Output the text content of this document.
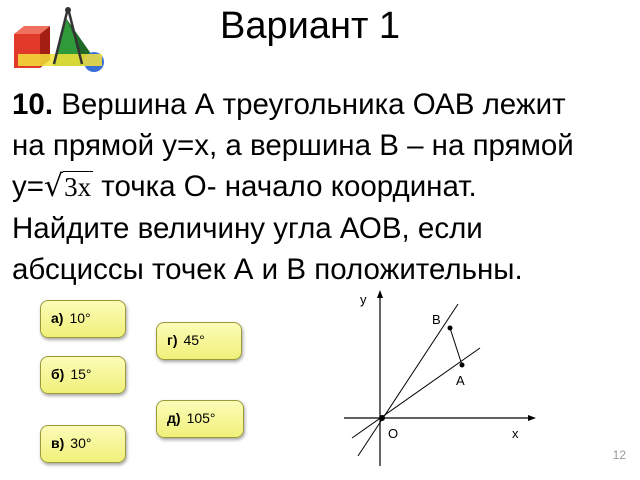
Вариант 1
10. Вершина А треугольника ОАВ лежит
на прямой у=х, а вершина В – на прямой
у=√3x точка О- начало координат.
Найдите величину угла АОВ, если
абсциссы точек А и В положительны.
а) 10°
г) 45°
б) 15°
д) 105°
в) 30°
у
х
О
А
В
12
